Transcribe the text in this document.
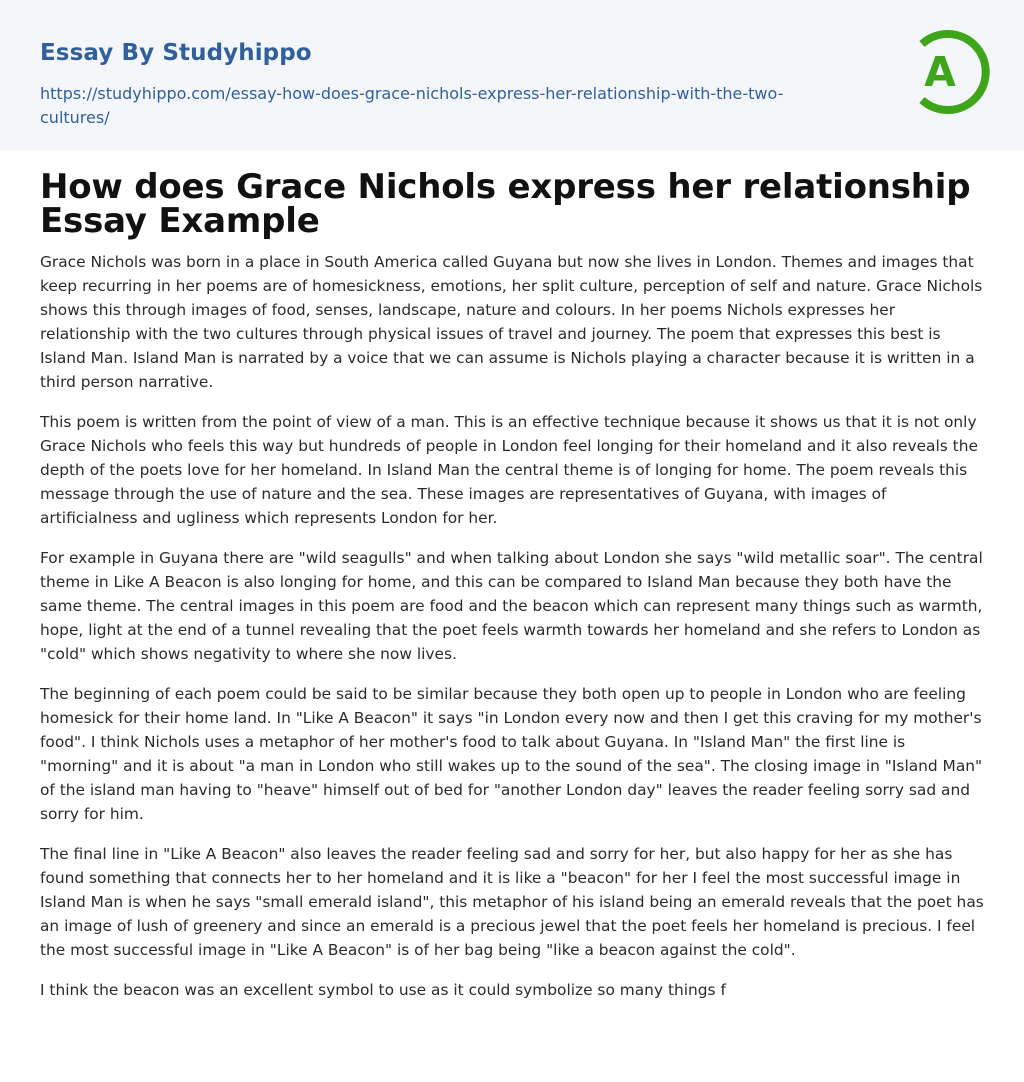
Essay By Studyhippo
https://studyhippo.com/essay-how-does-grace-nichols-express-her-relationship-with-the-two-cultures/
A
How does Grace Nichols express her relationship Essay Example

Grace Nichols was born in a place in South America called Guyana but now she lives in London. Themes and images that keep recurring in her poems are of homesickness, emotions, her split culture, perception of self and nature. Grace Nichols shows this through images of food, senses, landscape, nature and colours. In her poems Nichols expresses her relationship with the two cultures through physical issues of travel and journey. The poem that expresses this best is Island Man. Island Man is narrated by a voice that we can assume is Nichols playing a character because it is written in a third person narrative.

This poem is written from the point of view of a man. This is an effective technique because it shows us that it is not only Grace Nichols who feels this way but hundreds of people in London feel longing for their homeland and it also reveals the depth of the poets love for her homeland. In Island Man the central theme is of longing for home. The poem reveals this message through the use of nature and the sea. These images are representatives of Guyana, with images of artificialness and ugliness which represents London for her.

For example in Guyana there are "wild seagulls" and when talking about London she says "wild metallic soar". The central theme in Like A Beacon is also longing for home, and this can be compared to Island Man because they both have the same theme. The central images in this poem are food and the beacon which can represent many things such as warmth, hope, light at the end of a tunnel revealing that the poet feels warmth towards her homeland and she refers to London as "cold" which shows negativity to where she now lives.

The beginning of each poem could be said to be similar because they both open up to people in London who are feeling homesick for their home land. In "Like A Beacon" it says "in London every now and then I get this craving for my mother's food". I think Nichols uses a metaphor of her mother's food to talk about Guyana. In "Island Man" the first line is "morning" and it is about "a man in London who still wakes up to the sound of the sea". The closing image in "Island Man" of the island man having to "heave" himself out of bed for "another London day" leaves the reader feeling sorry sad and sorry for him.

The final line in "Like A Beacon" also leaves the reader feeling sad and sorry for her, but also happy for her as she has found something that connects her to her homeland and it is like a "beacon" for her I feel the most successful image in Island Man is when he says "small emerald island", this metaphor of his island being an emerald reveals that the poet has an image of lush of greenery and since an emerald is a precious jewel that the poet feels her homeland is precious. I feel the most successful image in "Like A Beacon" is of her bag being "like a beacon against the cold".

I think the beacon was an excellent symbol to use as it could symbolize so many things f
